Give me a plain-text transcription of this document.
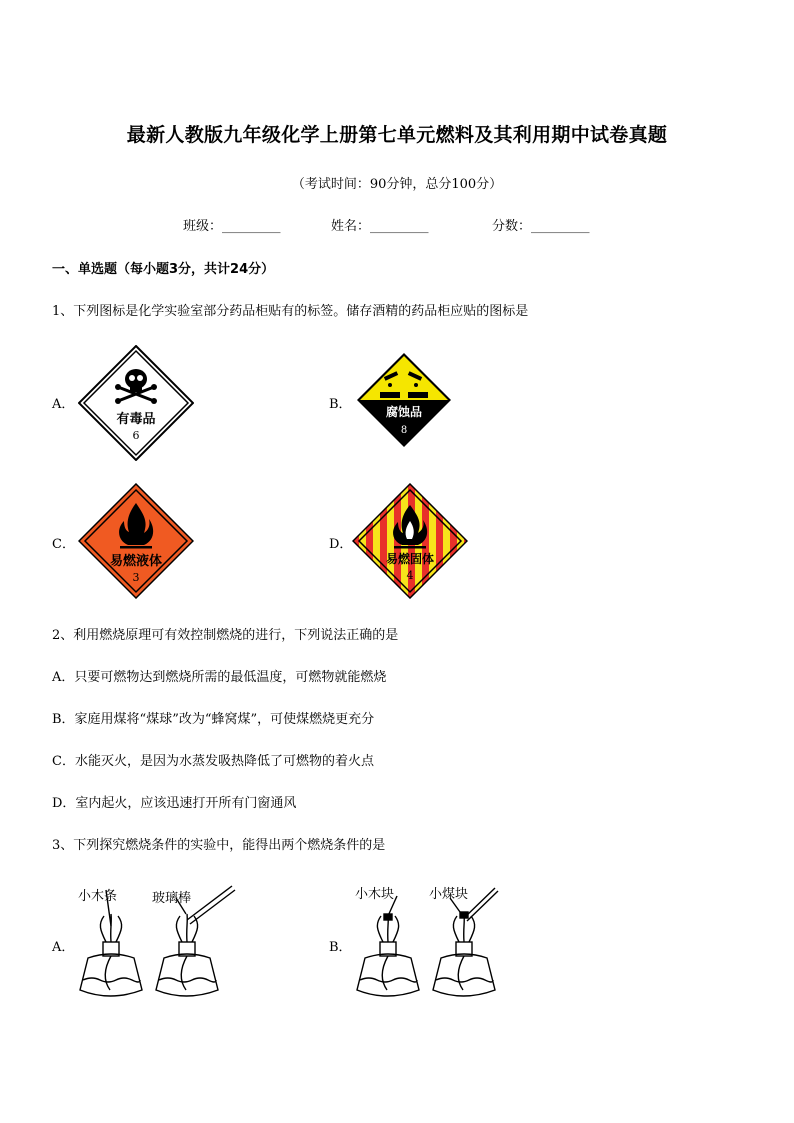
最新人教版九年级化学上册第七单元燃料及其利用期中试卷真题
（考试时间：90分钟，总分100分）
班级：_________	姓名：_________	分数：_________
一、单选题（每小题3分，共计24分）
1、下列图标是化学实验室部分药品柜贴有的标签。储存酒精的药品柜应贴的图标是
A．
有毒品
6
B．	腐蚀品
8
C．
易燃液体
3
D．
易燃固体
4
2、利用燃烧原理可有效控制燃烧的进行，下列说法正确的是
A．只要可燃物达到燃烧所需的最低温度，可燃物就能燃烧
B．家庭用煤将“煤球”改为“蜂窝煤”，可使煤燃烧更充分
C．水能灭火，是因为水蒸发吸热降低了可燃物的着火点
D．室内起火，应该迅速打开所有门窗通风
3、下列探究燃烧条件的实验中，能得出两个燃烧条件的是
A．
小木条	玻璃棒
B．
小木块	小煤块
